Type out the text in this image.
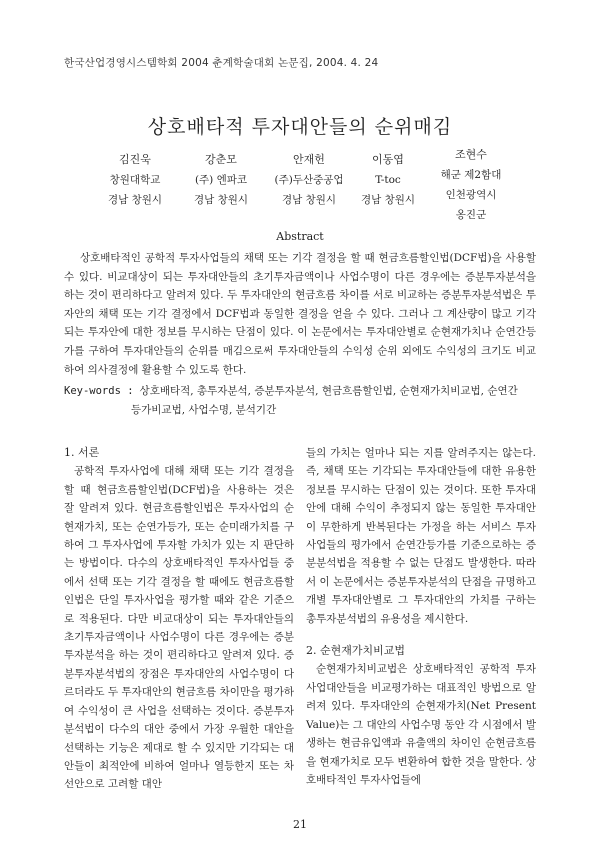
한국산업경영시스템학회 2004 춘계학술대회 논문집, 2004. 4. 24
상호배타적 투자대안들의 순위매김
김진욱
창원대학교
경남 창원시
강춘모
(주) 엔파코
경남 창원시
안재헌
(주)두산중공업
경남 창원시
이동엽
T-toc
경남 창원시
조현수
해군 제2함대
인천광역시
옹진군
Abstract
상호배타적인 공학적 투자사업들의 채택 또는 기각 결정을 할 때 현금흐름할인법(DCF법)을 사용할 수 있다. 비교대상이 되는 투자대안들의 초기투자금액이나 사업수명이 다른 경우에는 증분투자분석을 하는 것이 편리하다고 알려져 있다. 두 투자대안의 현금흐름 차이를 서로 비교하는 증분투자분석법은 투자안의 채택 또는 기각 결정에서 DCF법과 동일한 결정을 얻을 수 있다. 그러나 그 계산량이 많고 기각되는 투자안에 대한 정보를 무시하는 단점이 있다. 이 논문에서는 투자대안별로 순현재가치나 순연간등가를 구하여 투자대안들의 순위를 매김으로써 투자대안들의 수익성 순위 외에도 수익성의 크기도 비교하여 의사결정에 활용할 수 있도록 한다.
Key-words : 상호배타적, 총투자분석, 증분투자분석, 현금흐름할인법, 순현재가치비교법, 순연간
등가비교법, 사업수명, 분석기간
1. 서론
공학적 투자사업에 대해 채택 또는 기각 결정을 할 때 현금흐름할인법(DCF법)을 사용하는 것은 잘 알려져 있다. 현금흐름할인법은 투자사업의 순현재가치, 또는 순연가등가, 또는 순미래가치를 구하여 그 투자사업에 투자할 가치가 있는 지 판단하는 방법이다. 다수의 상호배타적인 투자사업들 중에서 선택 또는 기각 결정을 할 때에도 현금흐름할인법은 단일 투자사업을 평가할 때와 같은 기준으로 적용된다. 다만 비교대상이 되는 투자대안들의 초기투자금액이나 사업수명이 다른 경우에는 증분투자분석을 하는 것이 편리하다고 알려져 있다. 증분투자분석법의 장점은 투자대안의 사업수명이 다르더라도 두 투자대안의 현금흐름 차이만을 평가하여 수익성이 큰 사업을 선택하는 것이다. 증분투자분석법이 다수의 대안 중에서 가장 우월한 대안을 선택하는 기능은 제대로 할 수 있지만 기각되는 대안들이 최적안에 비하여 얼마나 열등한지 또는 차선안으로 고려할 대안
들의 가치는 얼마나 되는 지를 알려주지는 않는다. 즉, 채택 또는 기각되는 투자대안들에 대한 유용한 정보를 무시하는 단점이 있는 것이다. 또한 투자대안에 대해 수익이 추정되지 않는 동일한 투자대안이 무한하게 반복된다는 가정을 하는 서비스 투자사업들의 평가에서 순연간등가를 기준으로하는 증분분석법을 적용할 수 없는 단점도 발생한다. 따라서 이 논문에서는 증분투자분석의 단점을 규명하고 개별 투자대안별로 그 투자대안의 가치를 구하는 총투자분석법의 유용성을 제시한다.
2. 순현재가치비교법
순현재가치비교법은 상호배타적인 공학적 투자사업대안들을 비교평가하는 대표적인 방법으로 알려져 있다. 투자대안의 순현재가치(Net Present Value)는 그 대안의 사업수명 동안 각 시점에서 발생하는 현금유입액과 유출액의 차이인 순현금흐름을 현재가치로 모두 변환하여 합한 것을 말한다. 상호배타적인 투자사업들에
21
